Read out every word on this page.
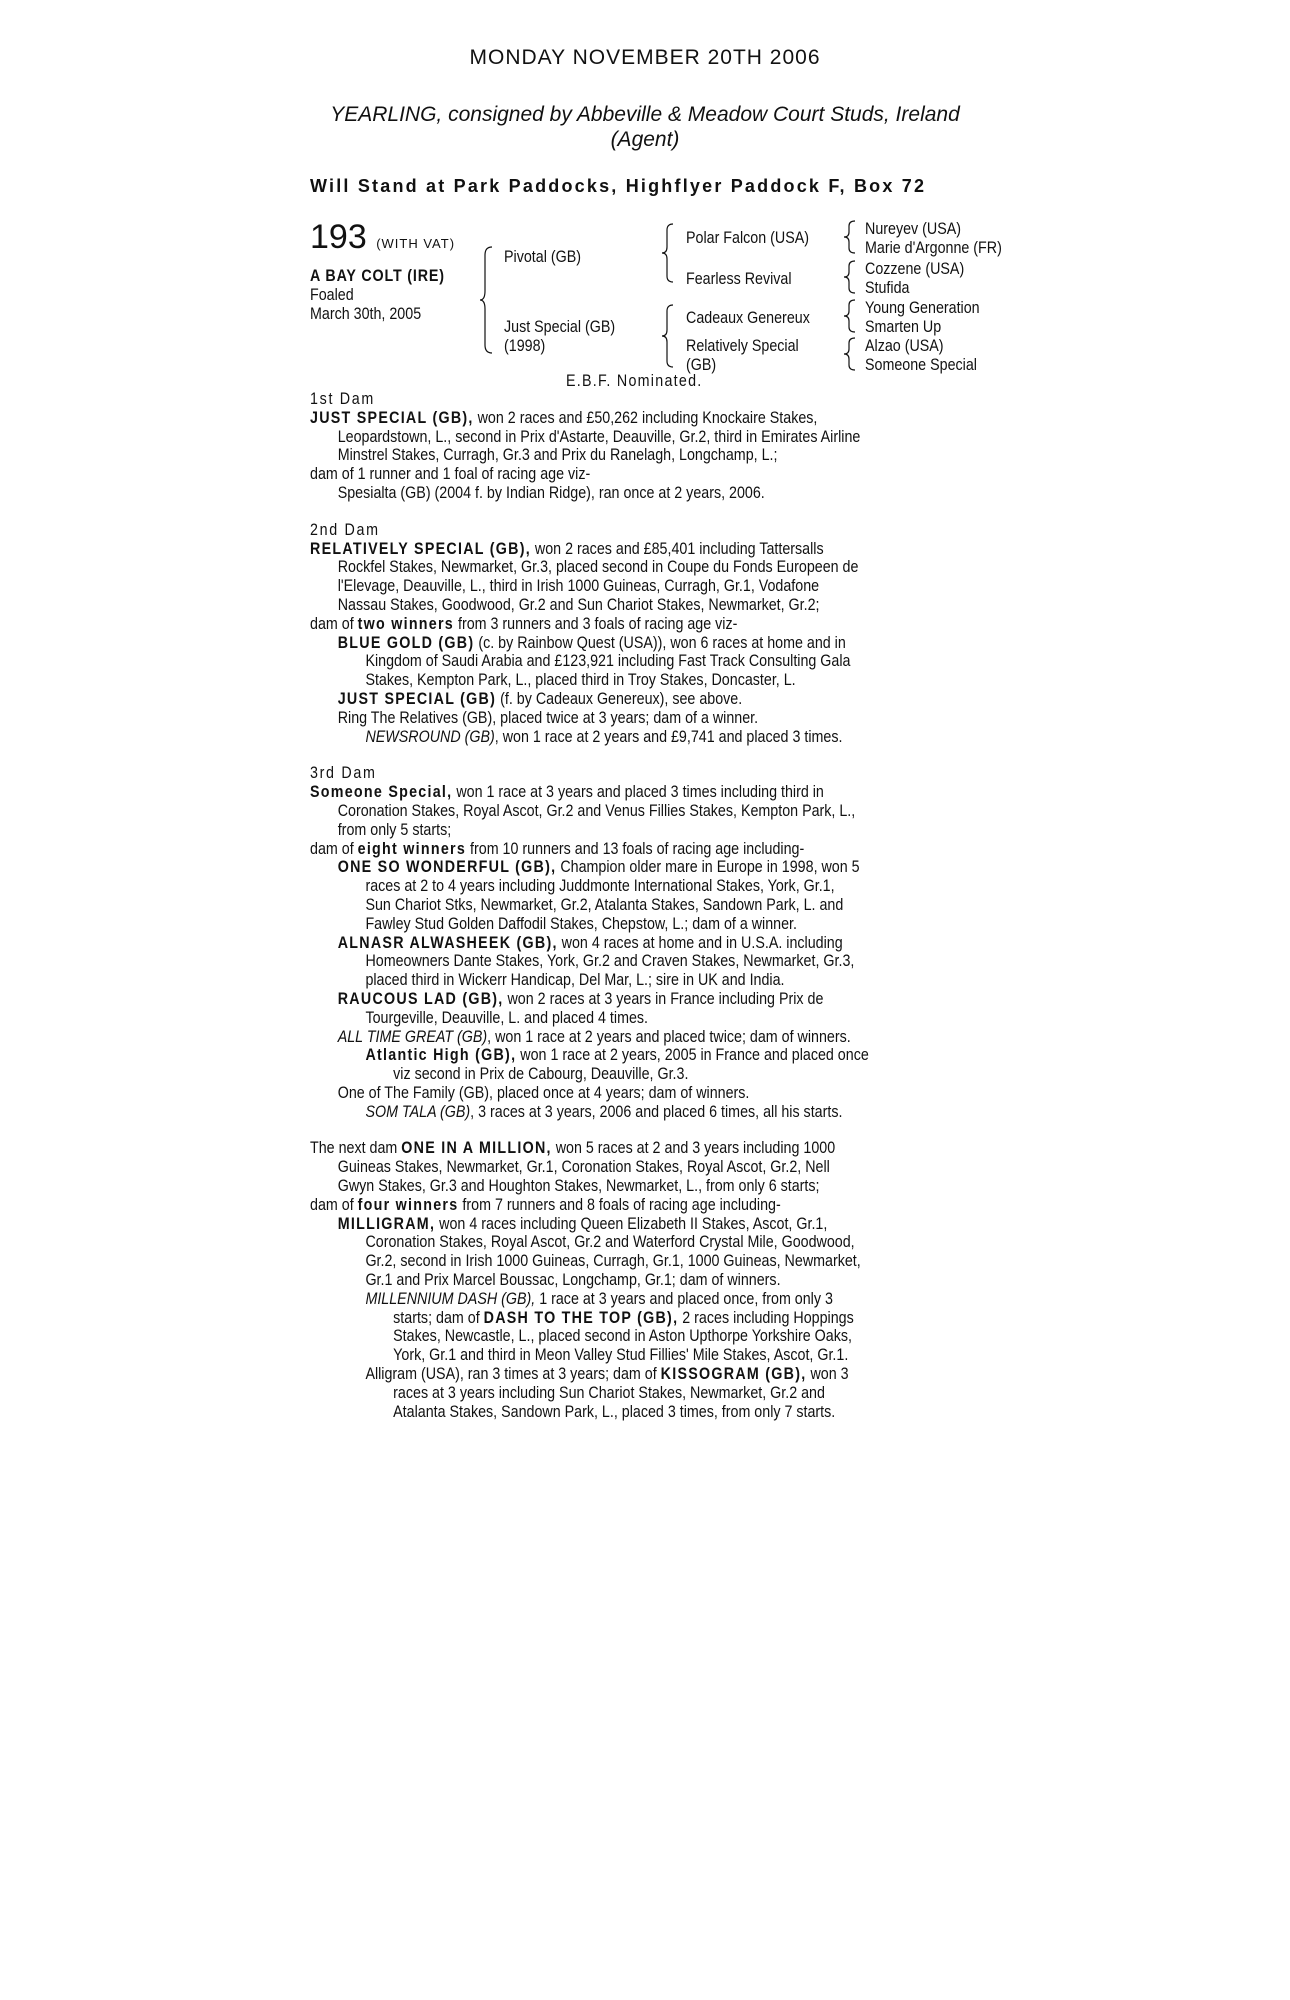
MONDAY NOVEMBER 20TH 2006
YEARLING, consigned by Abbeville & Meadow Court Studs, Ireland
(Agent)
Will Stand at Park Paddocks, Highflyer Paddock F, Box 72
193 (WITH VAT)
A BAY COLT (IRE)
Foaled
March 30th, 2005
Pivotal (GB)
Just Special (GB)
(1998)
Polar Falcon (USA)
Fearless Revival
Cadeaux Genereux
Relatively Special
(GB)
Nureyev (USA)
Marie d'Argonne (FR)
Cozzene (USA)
Stufida
Young Generation
Smarten Up
Alzao (USA)
Someone Special
E.B.F. Nominated.
1st Dam
JUST SPECIAL (GB), won 2 races and £50,262 including Knockaire Stakes,
Leopardstown, L., second in Prix d'Astarte, Deauville, Gr.2, third in Emirates Airline
Minstrel Stakes, Curragh, Gr.3 and Prix du Ranelagh, Longchamp, L.;
dam of 1 runner and 1 foal of racing age viz-
Spesialta (GB) (2004 f. by Indian Ridge), ran once at 2 years, 2006.
2nd Dam
RELATIVELY SPECIAL (GB), won 2 races and £85,401 including Tattersalls
Rockfel Stakes, Newmarket, Gr.3, placed second in Coupe du Fonds Europeen de
l'Elevage, Deauville, L., third in Irish 1000 Guineas, Curragh, Gr.1, Vodafone
Nassau Stakes, Goodwood, Gr.2 and Sun Chariot Stakes, Newmarket, Gr.2;
dam of two winners from 3 runners and 3 foals of racing age viz-
BLUE GOLD (GB) (c. by Rainbow Quest (USA)), won 6 races at home and in
Kingdom of Saudi Arabia and £123,921 including Fast Track Consulting Gala
Stakes, Kempton Park, L., placed third in Troy Stakes, Doncaster, L.
JUST SPECIAL (GB) (f. by Cadeaux Genereux), see above.
Ring The Relatives (GB), placed twice at 3 years; dam of a winner.
NEWSROUND (GB), won 1 race at 2 years and £9,741 and placed 3 times.
3rd Dam
Someone Special, won 1 race at 3 years and placed 3 times including third in
Coronation Stakes, Royal Ascot, Gr.2 and Venus Fillies Stakes, Kempton Park, L.,
from only 5 starts;
dam of eight winners from 10 runners and 13 foals of racing age including-
ONE SO WONDERFUL (GB), Champion older mare in Europe in 1998, won 5
races at 2 to 4 years including Juddmonte International Stakes, York, Gr.1,
Sun Chariot Stks, Newmarket, Gr.2, Atalanta Stakes, Sandown Park, L. and
Fawley Stud Golden Daffodil Stakes, Chepstow, L.; dam of a winner.
ALNASR ALWASHEEK (GB), won 4 races at home and in U.S.A. including
Homeowners Dante Stakes, York, Gr.2 and Craven Stakes, Newmarket, Gr.3,
placed third in Wickerr Handicap, Del Mar, L.; sire in UK and India.
RAUCOUS LAD (GB), won 2 races at 3 years in France including Prix de
Tourgeville, Deauville, L. and placed 4 times.
ALL TIME GREAT (GB), won 1 race at 2 years and placed twice; dam of winners.
Atlantic High (GB), won 1 race at 2 years, 2005 in France and placed once
viz second in Prix de Cabourg, Deauville, Gr.3.
One of The Family (GB), placed once at 4 years; dam of winners.
SOM TALA (GB), 3 races at 3 years, 2006 and placed 6 times, all his starts.
The next dam ONE IN A MILLION, won 5 races at 2 and 3 years including 1000
Guineas Stakes, Newmarket, Gr.1, Coronation Stakes, Royal Ascot, Gr.2, Nell
Gwyn Stakes, Gr.3 and Houghton Stakes, Newmarket, L., from only 6 starts;
dam of four winners from 7 runners and 8 foals of racing age including-
MILLIGRAM, won 4 races including Queen Elizabeth II Stakes, Ascot, Gr.1,
Coronation Stakes, Royal Ascot, Gr.2 and Waterford Crystal Mile, Goodwood,
Gr.2, second in Irish 1000 Guineas, Curragh, Gr.1, 1000 Guineas, Newmarket,
Gr.1 and Prix Marcel Boussac, Longchamp, Gr.1; dam of winners.
MILLENNIUM DASH (GB), 1 race at 3 years and placed once, from only 3
starts; dam of DASH TO THE TOP (GB), 2 races including Hoppings
Stakes, Newcastle, L., placed second in Aston Upthorpe Yorkshire Oaks,
York, Gr.1 and third in Meon Valley Stud Fillies' Mile Stakes, Ascot, Gr.1.
Alligram (USA), ran 3 times at 3 years; dam of KISSOGRAM (GB), won 3
races at 3 years including Sun Chariot Stakes, Newmarket, Gr.2 and
Atalanta Stakes, Sandown Park, L., placed 3 times, from only 7 starts.
